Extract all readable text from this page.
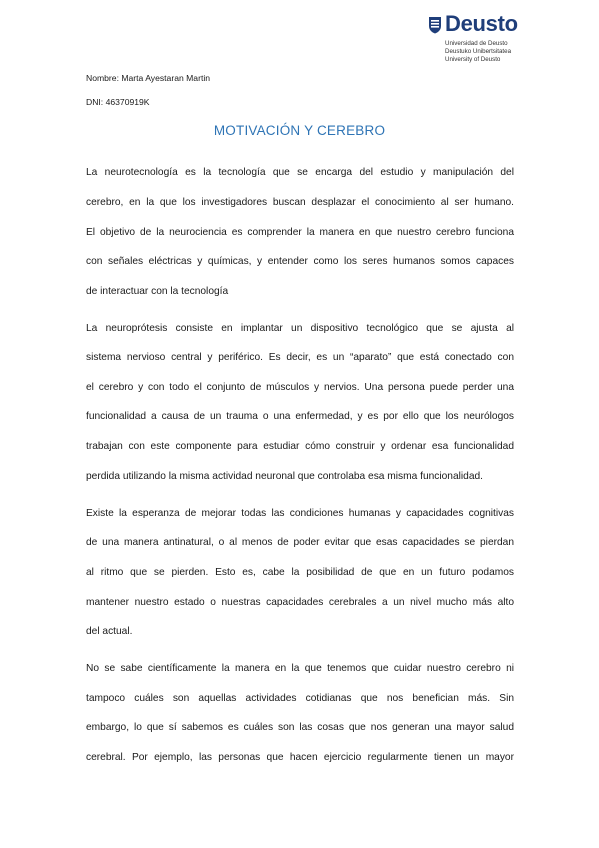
Deusto
Universidad de Deusto
Deustuko Unibertsitatea
University of Deusto
Nombre: Marta Ayestaran Martin
DNI: 46370919K
MOTIVACIÓN Y CEREBRO
La neurotecnología es la tecnología que se encarga del estudio y manipulación del
cerebro, en la que los investigadores buscan desplazar el conocimiento al ser humano.
El objetivo de la neurociencia es comprender la manera en que nuestro cerebro funciona
con señales eléctricas y químicas, y entender como los seres humanos somos capaces
de interactuar con la tecnología
La neuroprótesis consiste en implantar un dispositivo tecnológico que se ajusta al
sistema nervioso central y periférico. Es decir, es un “aparato” que está conectado con
el cerebro y con todo el conjunto de músculos y nervios. Una persona puede perder una
funcionalidad a causa de un trauma o una enfermedad, y es por ello que los neurólogos
trabajan con este componente para estudiar cómo construir y ordenar esa funcionalidad
perdida utilizando la misma actividad neuronal que controlaba esa misma funcionalidad.
Existe la esperanza de mejorar todas las condiciones humanas y capacidades cognitivas
de una manera antinatural, o al menos de poder evitar que esas capacidades se pierdan
al ritmo que se pierden. Esto es, cabe la posibilidad de que en un futuro podamos
mantener nuestro estado o nuestras capacidades cerebrales a un nivel mucho más alto
del actual.
No se sabe científicamente la manera en la que tenemos que cuidar nuestro cerebro ni
tampoco cuáles son aquellas actividades cotidianas que nos benefician más. Sin
embargo, lo que sí sabemos es cuáles son las cosas que nos generan una mayor salud
cerebral. Por ejemplo, las personas que hacen ejercicio regularmente tienen un mayor
